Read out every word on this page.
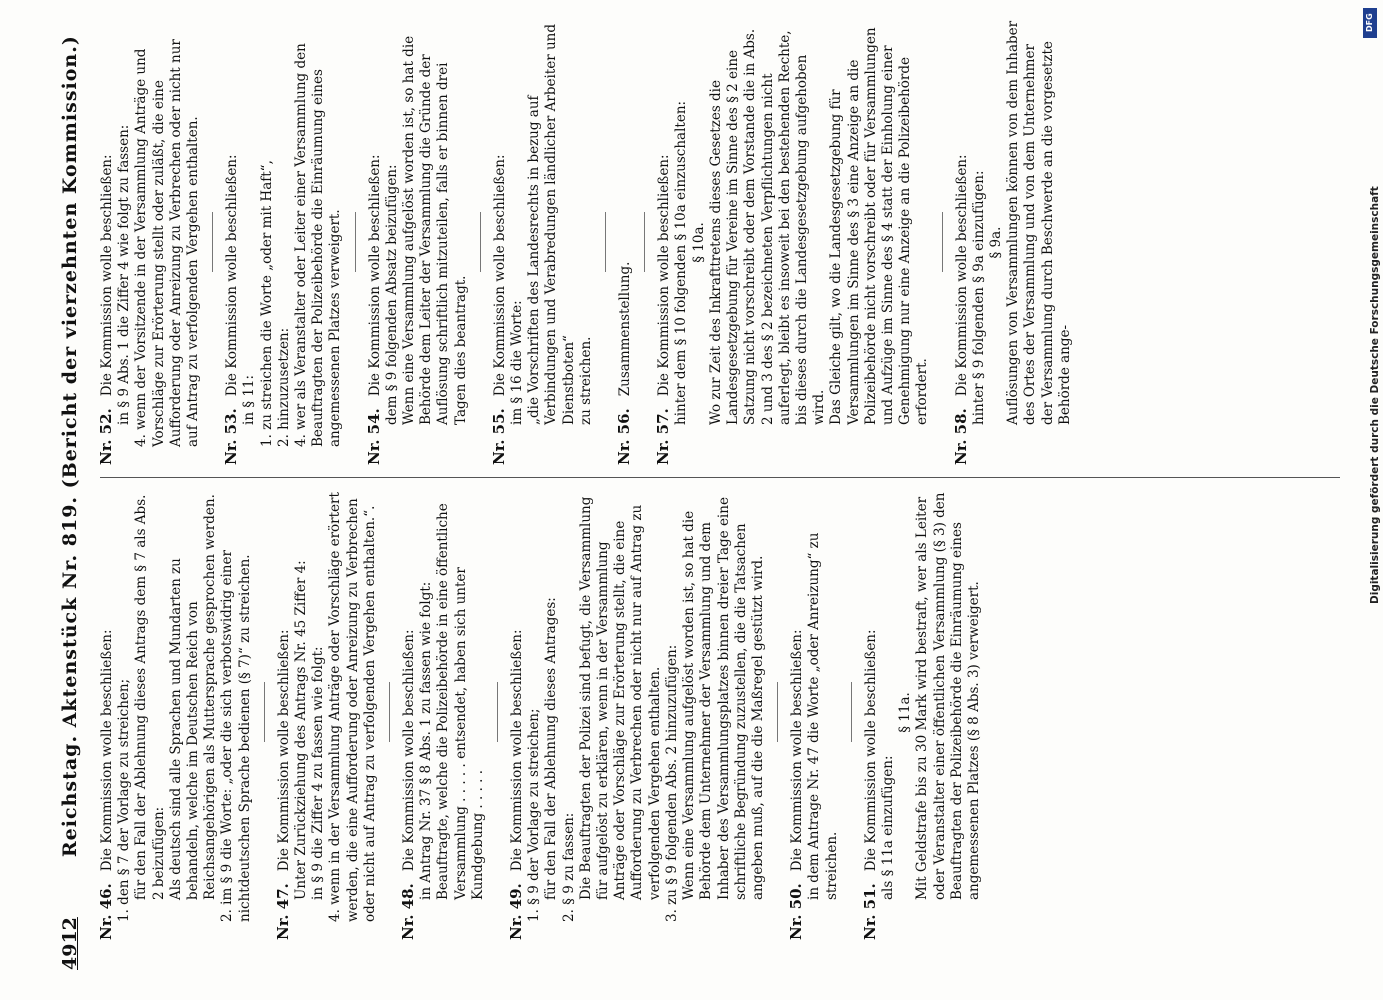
4912
Reichstag. Aktenstück Nr. 819. (Bericht der vierzehnten Kommission.)
Nr. 46.Die Kommission wolle beschließen: 1. den § 7 der Vorlage zu streichen; für den Fall der Ablehnung dieses Antrags dem § 7 als Abs. 2 beizufügen: Als deutsch sind alle Sprachen und Mundarten zu behandeln, welche im Deutschen Reich von Reichsangehörigen als Muttersprache gesprochen werden. 2. im § 9 die Worte: „oder die sich verbotswidrig einer nichtdeutschen Sprache bedienen (§ 7)“ zu streichen. Nr. 47.Die Kommission wolle beschließen: Unter Zurückziehung des Antrags Nr. 45 Ziffer 4: in § 9 die Ziffer 4 zu fassen wie folgt: 4. wenn in der Versammlung Anträge oder Vorschläge erörtert werden, die eine Aufforderung oder Anreizung zu Verbrechen oder nicht auf Antrag zu verfolgenden Vergehen enthalten.“. Nr. 48.Die Kommission wolle beschließen: in Antrag Nr. 37 § 8 Abs. 1 zu fassen wie folgt: Beauftragte, welche die Polizeibehörde in eine öffentliche Versammlung . . . . . entsendet, haben sich unter Kundgebung . . . . .
Nr. 49.Die Kommission wolle beschließen: 1. § 9 der Vorlage zu streichen; für den Fall der Ablehnung dieses Antrages: 2. § 9 zu fassen: Die Beauftragten der Polizei sind befugt, die Versammlung für aufgelöst zu erklären, wenn in der Versammlung Anträge oder Vorschläge zur Erörterung stellt, die eine Aufforderung zu Verbrechen oder nicht nur auf Antrag zu verfolgenden Vergehen enthalten. 3. zu § 9 folgenden Abs. 2 hinzuzufügen: Wenn eine Versammlung aufgelöst worden ist, so hat die Behörde dem Unternehmer der Versammlung und dem Inhaber des Versammlungsplatzes binnen dreier Tage eine schriftliche Begründung zuzustellen, die die Tatsachen angeben muß, auf die die Maßregel gestützt wird.
Nr. 50.Die Kommission wolle beschließen: in dem Antrage Nr. 47 die Worte „oder Anreizung“ zu streichen.
Nr. 51.Die Kommission wolle beschließen: als § 11a einzufügen:
§ 11a. Mit Geldstrafe bis zu 30 Mark wird bestraft, wer als Leiter oder Veranstalter einer öffentlichen Versammlung (§ 3) den Beauftragten der Polizeibehörde die Einräumung eines angemessenen Platzes (§ 8 Abs. 3) verweigert.
Nr. 52.Die Kommission wolle beschließen: in § 9 Abs. 1 die Ziffer 4 wie folgt zu fassen: 4. wenn der Vorsitzende in der Versammlung Anträge und Vorschläge zur Erörterung stellt oder zuläßt, die eine Aufforderung oder Anreizung zu Verbrechen oder nicht nur auf Antrag zu verfolgenden Vergehen enthalten. Nr. 53.Die Kommission wolle beschließen:
in § 11: 1. zu streichen die Worte „oder mit Haft“, 2. hinzuzusetzen: 4. wer als Veranstalter oder Leiter einer Versammlung den Beauftragten der Polizeibehörde die Einräumung eines angemessenen Platzes verweigert. Nr. 54.Die Kommission wolle beschließen: dem § 9 folgenden Absatz beizufügen: Wenn eine Versammlung aufgelöst worden ist, so hat die Behörde dem Leiter der Versammlung die Gründe der Auflösung schriftlich mitzuteilen, falls er binnen drei Tagen dies beantragt.
Nr. 55.Die Kommission wolle beschließen: im § 16 die Worte: „die Vorschriften des Landesrechts in bezug auf Verbindungen und Verabredungen ländlicher Arbeiter und Dienstboten“ zu streichen.
Nr. 56.Zusammenstellung.
Nr. 57.Die Kommission wolle beschließen: hinter dem § 10 folgenden § 10a einzuschalten: § 10a. Wo zur Zeit des Inkrafttretens dieses Gesetzes die Landesgesetzgebung für Vereine im Sinne des § 2 eine Satzung nicht vorschreibt oder dem Vorstande die in Abs. 2 und 3 des § 2 bezeichneten Verpflichtungen nicht auferlegt, bleibt es insoweit bei den bestehenden Rechte, bis dieses durch die Landesgesetzgebung aufgehoben wird. Das Gleiche gilt, wo die Landesgesetzgebung für Versammlungen im Sinne des § 3 eine Anzeige an die Polizeibehörde nicht vorschreibt oder für Versammlungen und Aufzüge im Sinne des § 4 statt der Einholung einer Genehmigung nur eine Anzeige an die Polizeibehörde erfordert.
Nr. 58.Die Kommission wolle beschließen: hinter § 9 folgenden § 9a einzufügen: § 9a. Auflösungen von Versammlungen können von dem Inhaber des Ortes der Versammlung und von dem Unternehmer der Versammlung durch Beschwerde an die vorgesetzte Behörde ange-
DFG
Digitalisierung gefördert durch die Deutsche Forschungsgemeinschaft
